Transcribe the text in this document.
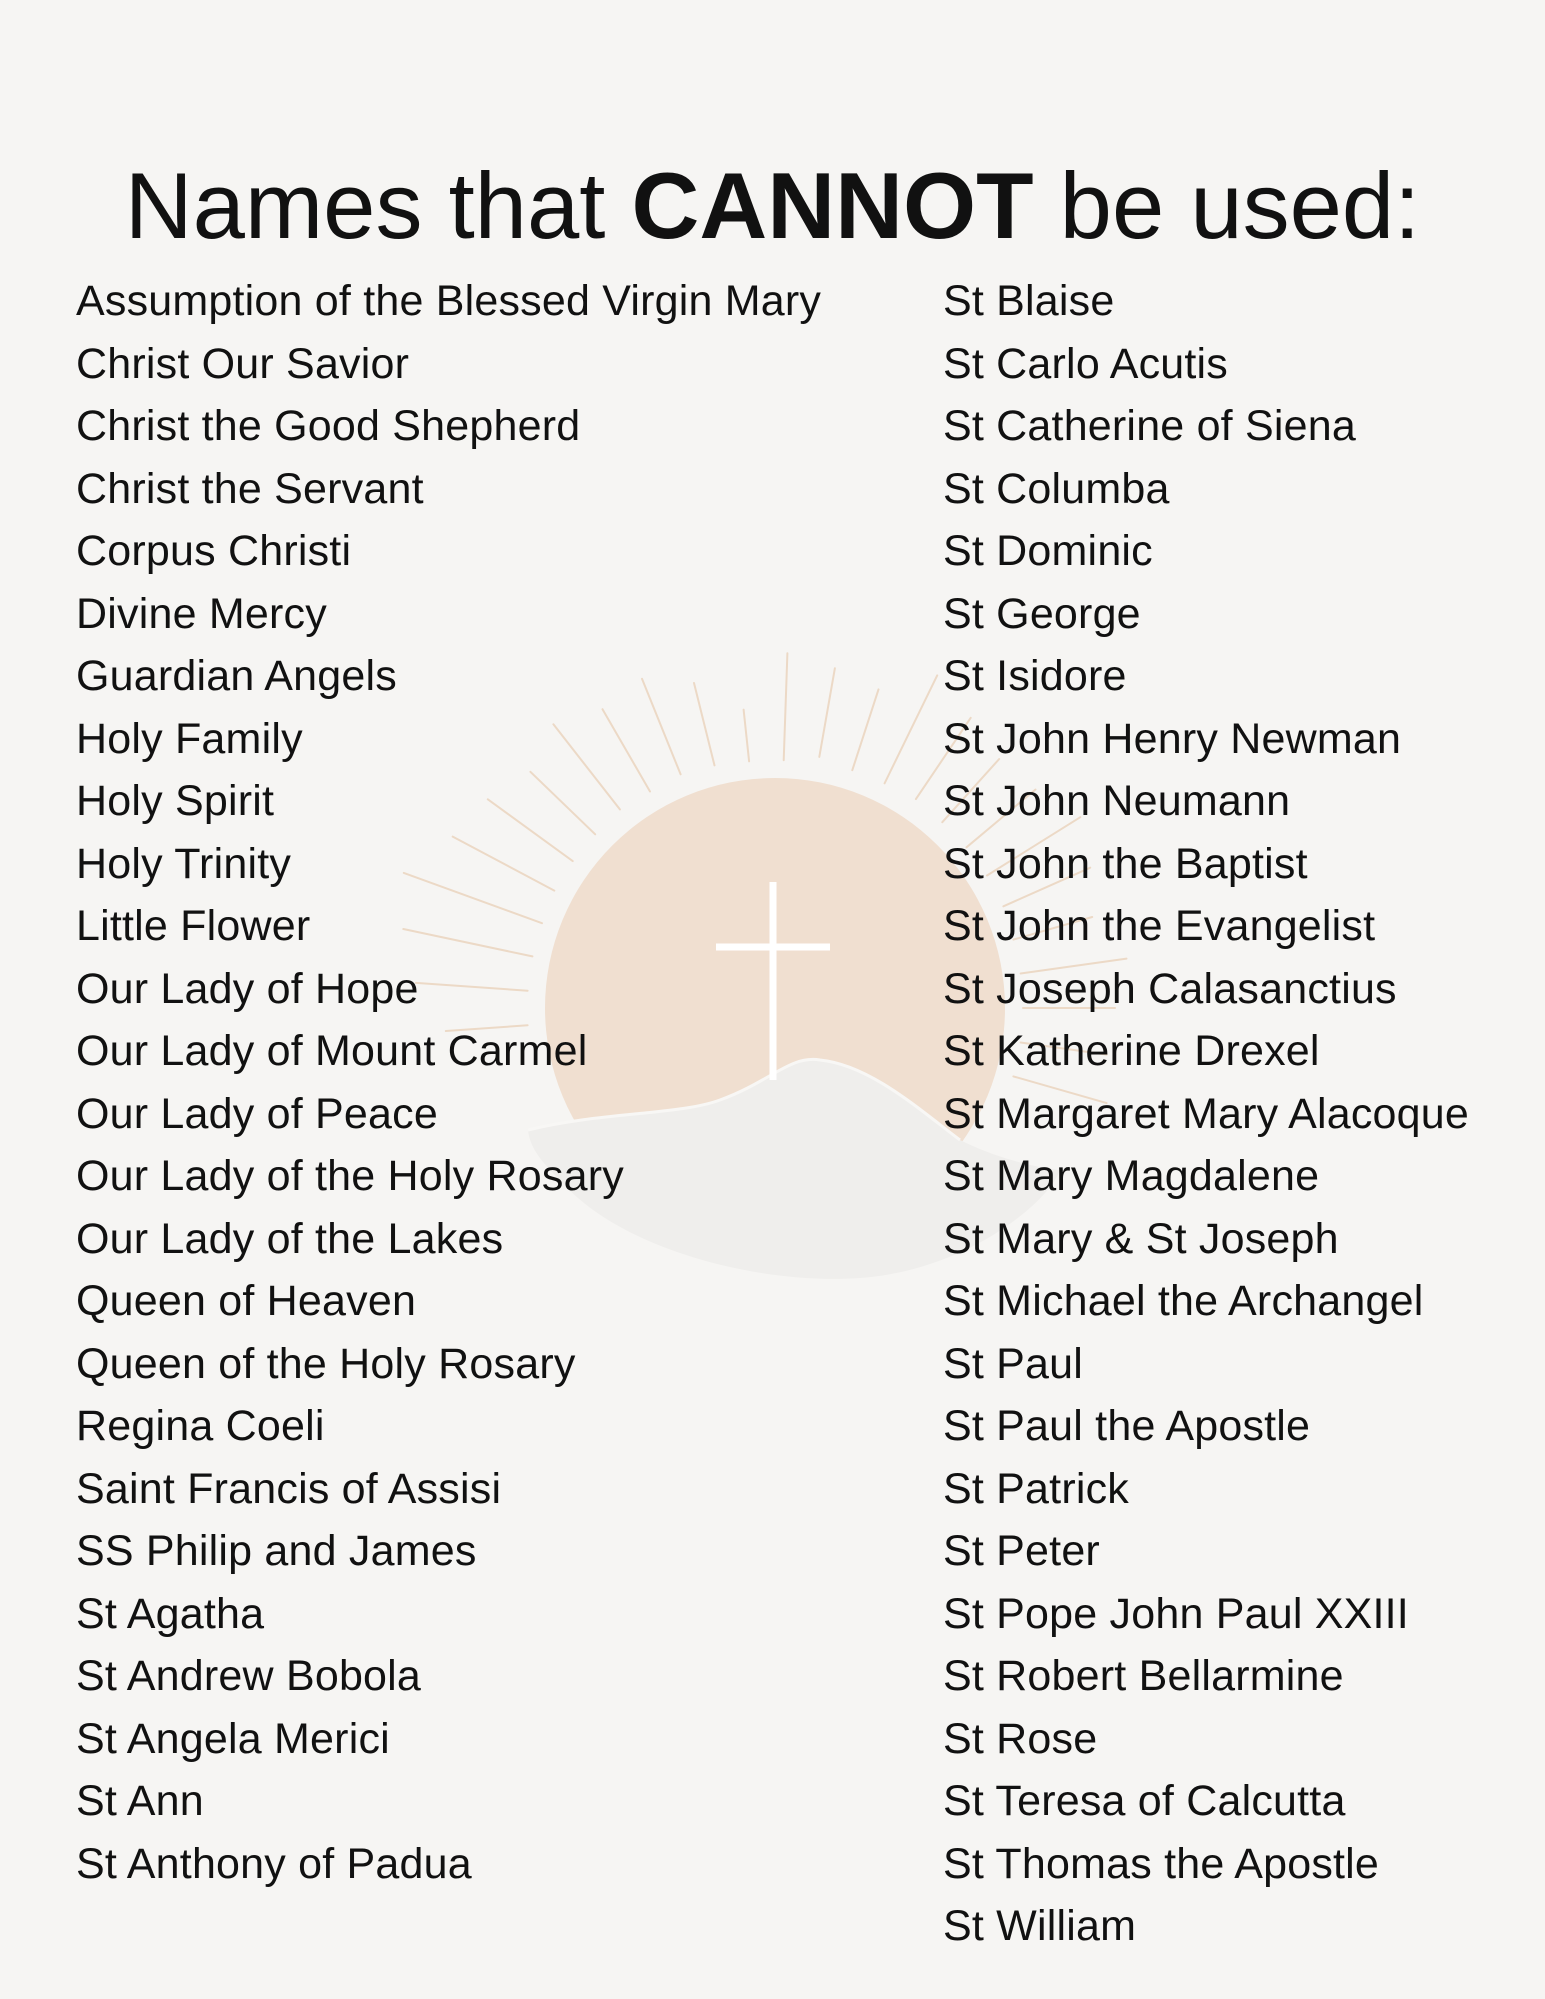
Names that CANNOT be used:
Assumption of the Blessed Virgin Mary
Christ Our Savior
Christ the Good Shepherd
Christ the Servant
Corpus Christi
Divine Mercy
Guardian Angels
Holy Family
Holy Spirit
Holy Trinity
Little Flower
Our Lady of Hope
Our Lady of Mount Carmel
Our Lady of Peace
Our Lady of the Holy Rosary
Our Lady of the Lakes
Queen of Heaven
Queen of the Holy Rosary
Regina Coeli
Saint Francis of Assisi
SS Philip and James
St Agatha
St Andrew Bobola
St Angela Merici
St Ann
St Anthony of Padua
St Blaise
St Carlo Acutis
St Catherine of Siena
St Columba
St Dominic
St George
St Isidore
St John Henry Newman
St John Neumann
St John the Baptist
St John the Evangelist
St Joseph Calasanctius
St Katherine Drexel
St Margaret Mary Alacoque
St Mary Magdalene
St Mary & St Joseph
St Michael the Archangel
St Paul
St Paul the Apostle
St Patrick
St Peter
St Pope John Paul XXIII
St Robert Bellarmine
St Rose
St Teresa of Calcutta
St Thomas the Apostle
St William
